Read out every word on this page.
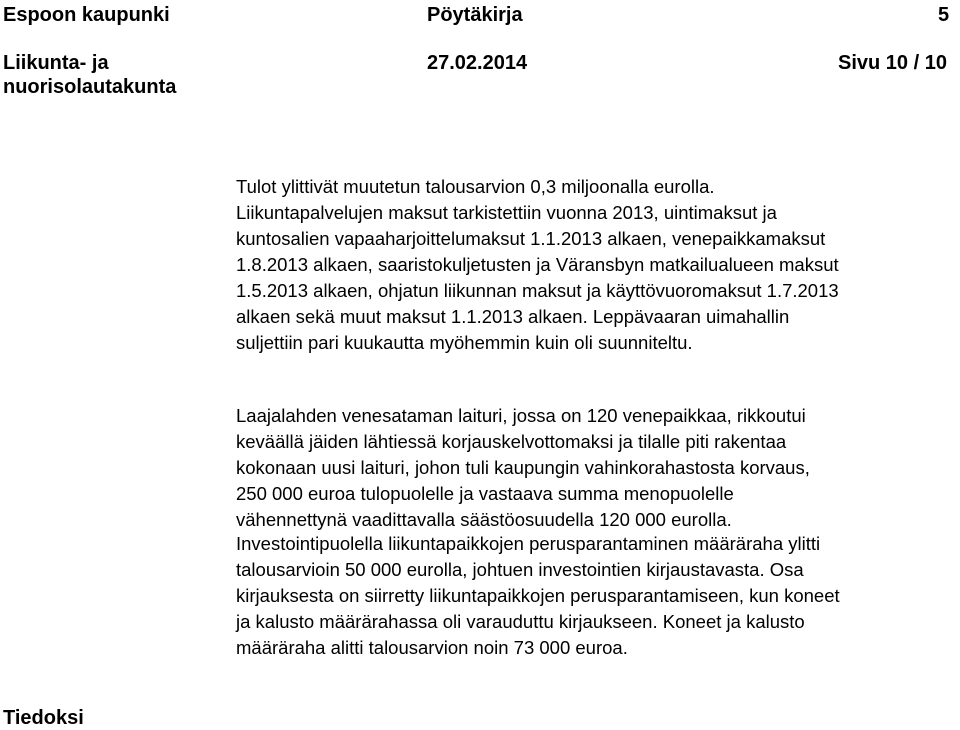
Espoon kaupunki	Pöytäkirja	5
Liikunta- ja nuorisolautakunta
27.02.2014	Sivu 10 / 10

Tulot ylittivät muutetun talousarvion 0,3 miljoonalla eurolla.
Liikuntapalvelujen maksut tarkistettiin vuonna 2013, uintimaksut ja
kuntosalien vapaaharjoittelumaksut 1.1.2013 alkaen, venepaikkamaksut
1.8.2013 alkaen, saaristokuljetusten ja Väransbyn matkailualueen maksut
1.5.2013 alkaen, ohjatun liikunnan maksut ja käyttövuoromaksut 1.7.2013
alkaen sekä muut maksut 1.1.2013 alkaen. Leppävaaran uimahallin
suljettiin pari kuukautta myöhemmin kuin oli suunniteltu.

Laajalahden venesataman laituri, jossa on 120 venepaikkaa, rikkoutui
keväällä jäiden lähtiessä korjauskelvottomaksi ja tilalle piti rakentaa
kokonaan uusi laituri, johon tuli kaupungin vahinkorahastosta korvaus,
250 000 euroa tulopuolelle ja vastaava summa menopuolelle
vähennettynä vaadittavalla säästöosuudella 120 000 eurolla.

Investointipuolella liikuntapaikkojen perusparantaminen määräraha ylitti
talousarvioin 50 000 eurolla, johtuen investointien kirjaustavasta. Osa
kirjauksesta on siirretty liikuntapaikkojen perusparantamiseen, kun koneet
ja kalusto määrärahassa oli varauduttu kirjaukseen. Koneet ja kalusto
määräraha alitti talousarvion noin 73 000 euroa.

Tiedoksi
